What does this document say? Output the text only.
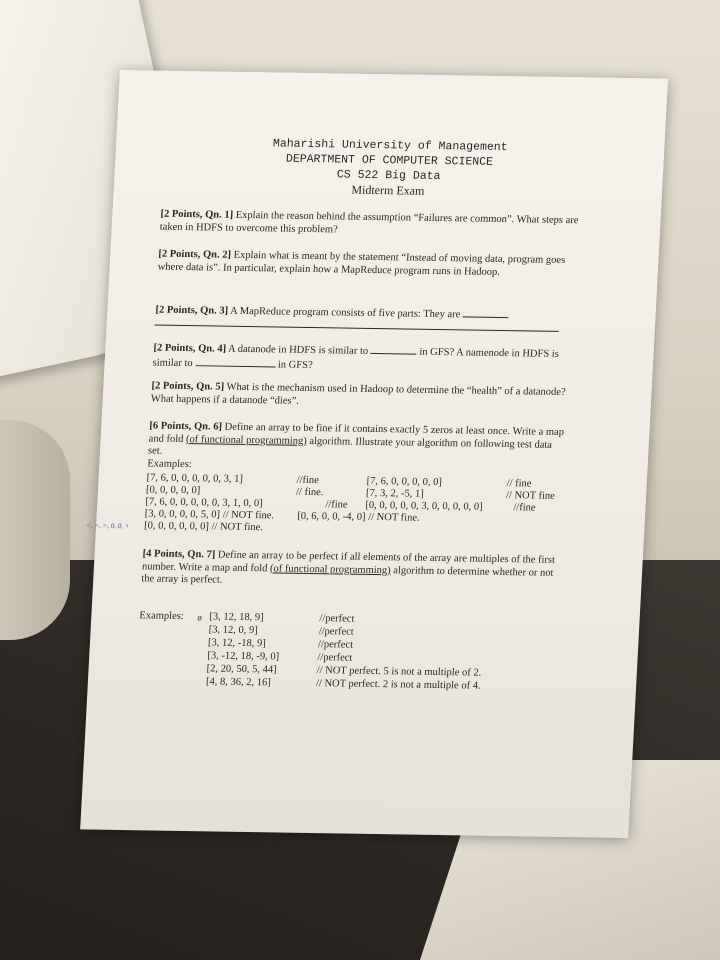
Maharishi University of Management
DEPARTMENT OF COMPUTER SCIENCE
CS 522 Big Data
Midterm Exam
[2 Points, Qn. 1] Explain the reason behind the assumption “Failures are common”. What steps are taken in HDFS to overcome this problem?
[2 Points, Qn. 2] Explain what is meant by the statement “Instead of moving data, program goes where data is”. In particular, explain how a MapReduce program runs in Hadoop.
[2 Points, Qn. 3] A MapReduce program consists of five parts: They are
[2 Points, Qn. 4] A datanode in HDFS is similar to	in GFS? A namenode in HDFS is similar to	in GFS?
[2 Points, Qn. 5] What is the mechanism used in Hadoop to determine the “health” of a datanode? What happens if a datanode “dies”.
[6 Points, Qn. 6] Define an array to be fine if it contains exactly 5 zeros at least once. Write a map and fold (of functional programming) algorithm. Illustrate your algorithm on following test data set.
Examples:
[7, 6, 0, 0, 0, 0, 0, 3, 1]	//fine	[7, 6, 0, 0, 0, 0, 0]	// fine
[0, 0, 0, 0, 0]	// fine.	[7, 3, 2, -5, 1]	// NOT fine
[7, 6, 0, 0, 0, 0, 0, 3, 1, 0, 0]	//fine [0, 0, 0, 0, 0, 3, 0, 0, 0, 0, 0]	//fine
[3, 0, 0, 0, 0, 5, 0] // NOT fine. [0, 6, 0, 0, -4, 0] // NOT fine.
<, >, >, 0, 0, + [0, 0, 0, 0, 0, 0] // NOT fine.
[4 Points, Qn. 7] Define an array to be perfect if all elements of the array are multiples of the first number. Write a map and fold (of functional programming) algorithm to determine whether or not the array is perfect.
Examples: ø [3, 12, 18, 9]	//perfect
[3, 12, 0, 9]	//perfect
[3, 12, -18, 9]	//perfect
[3, -12, 18, -9, 0]	//perfect
[2, 20, 50, 5, 44]	// NOT perfect. 5 is not a multiple of 2.
[4, 8, 36, 2, 16]	// NOT perfect. 2 is not a multiple of 4.
